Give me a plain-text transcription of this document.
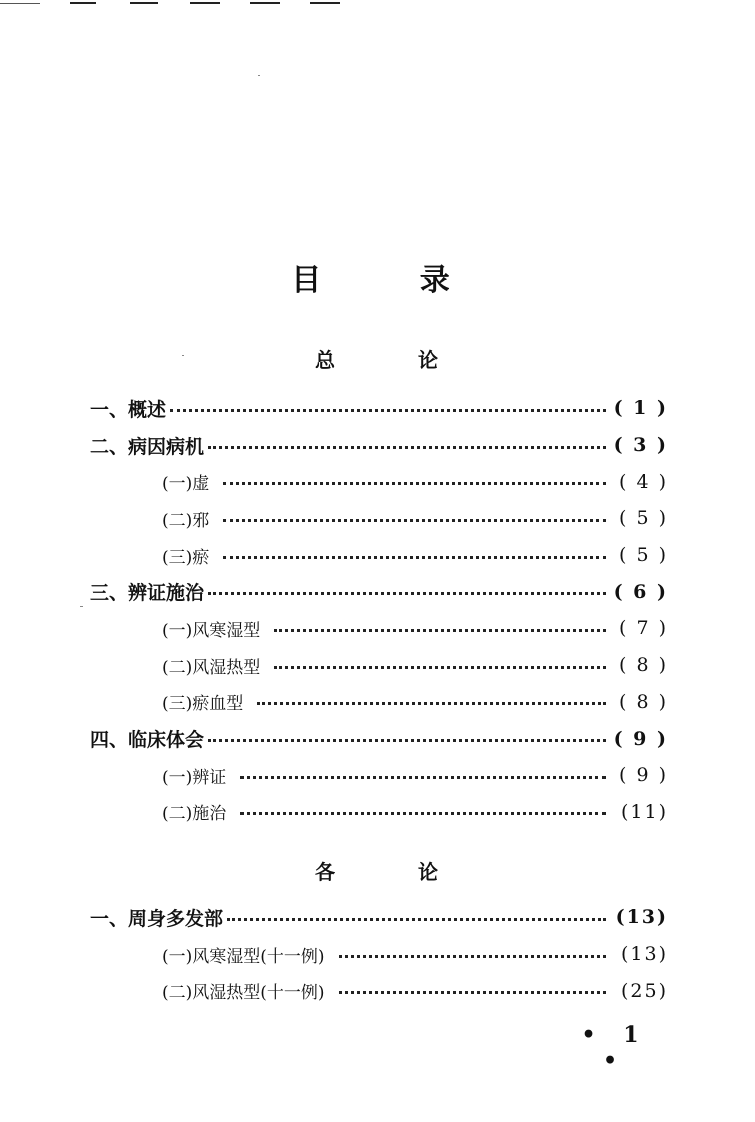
目 录
总 论
一、概述	( 1 )
二、病因病机	( 3 )
(一)虚	( 4 )
(二)邪	( 5 )
(三)瘀	( 5 )
三、辨证施治	( 6 )
(一)风寒湿型	( 7 )
(二)风湿热型	( 8 )
(三)瘀血型	( 8 )
四、临床体会	( 9 )
(一)辨证	( 9 )
(二)施治	(11)
各 论
一、周身多发部	(13)
(一)风寒湿型(十一例)	(13)
(二)风湿热型(十一例)	(25)
• 1 •
